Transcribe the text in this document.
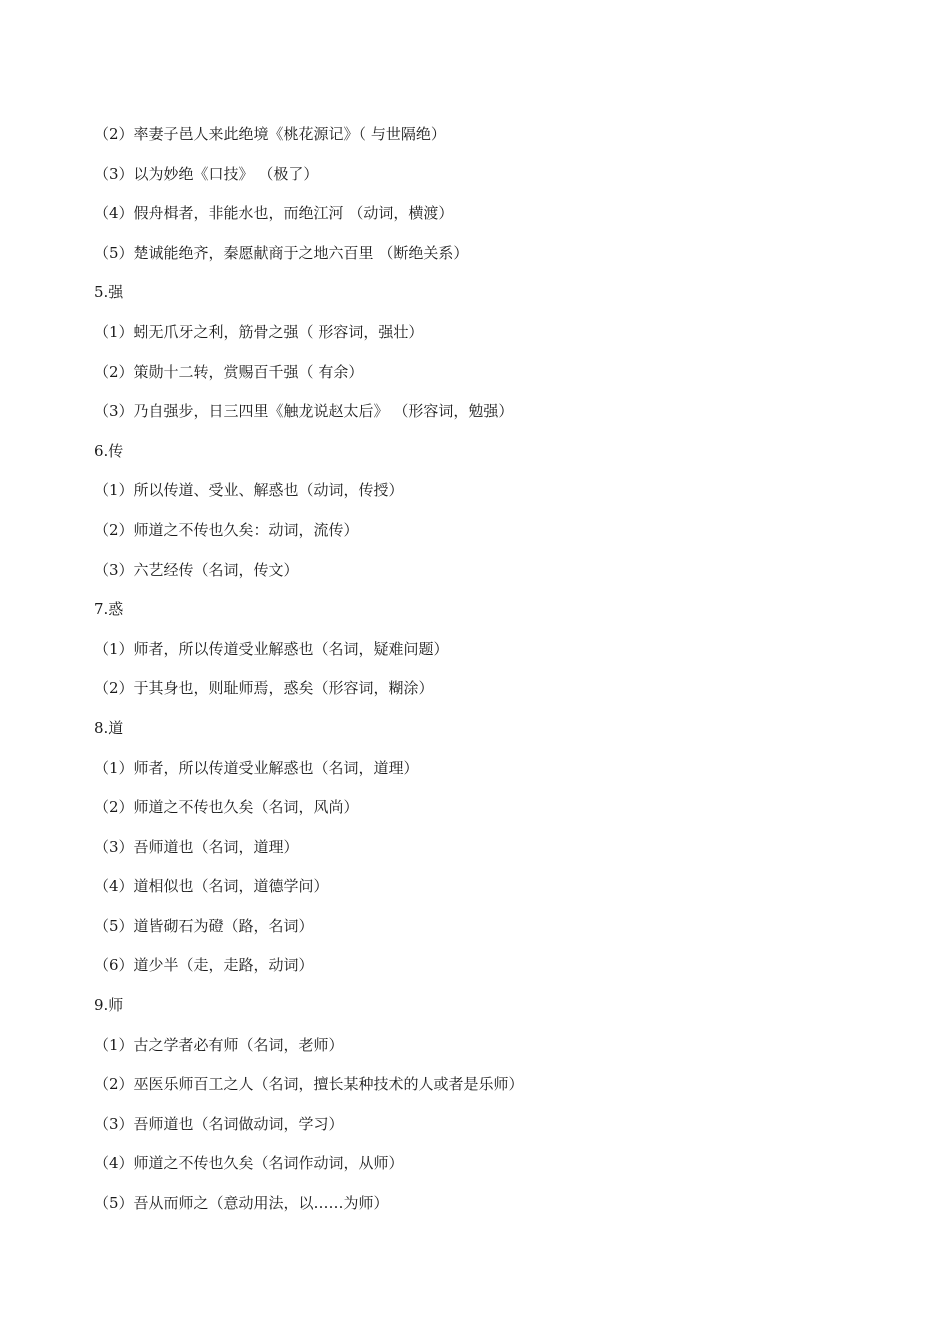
（2）率妻子邑人来此绝境《桃花源记》（ 与世隔绝）
（3）以为妙绝《口技》 （极了）
（4）假舟楫者，非能水也，而绝江河 （动词，横渡）
（5）楚诚能绝齐，秦愿献商于之地六百里 （断绝关系）
5.强
（1）蚓无爪牙之利，筋骨之强（ 形容词，强壮）
（2）策勋十二转，赏赐百千强（ 有余）
（3）乃自强步，日三四里《触龙说赵太后》 （形容词，勉强）
6.传
（1）所以传道、受业、解惑也（动词，传授）
（2）师道之不传也久矣：动词，流传）
（3）六艺经传（名词，传文）
7.惑
（1）师者，所以传道受业解惑也（名词，疑难问题）
（2）于其身也，则耻师焉，惑矣（形容词，糊涂）
8.道
（1）师者，所以传道受业解惑也（名词，道理）
（2）师道之不传也久矣（名词，风尚）
（3）吾师道也（名词，道理）
（4）道相似也（名词，道德学问）
（5）道皆砌石为磴（路，名词）
（6）道少半（走，走路，动词）
9.师
（1）古之学者必有师（名词，老师）
（2）巫医乐师百工之人（名词，擅长某种技术的人或者是乐师）
（3）吾师道也（名词做动词，学习）
（4）师道之不传也久矣（名词作动词，从师）
（5）吾从而师之（意动用法，以……为师）
